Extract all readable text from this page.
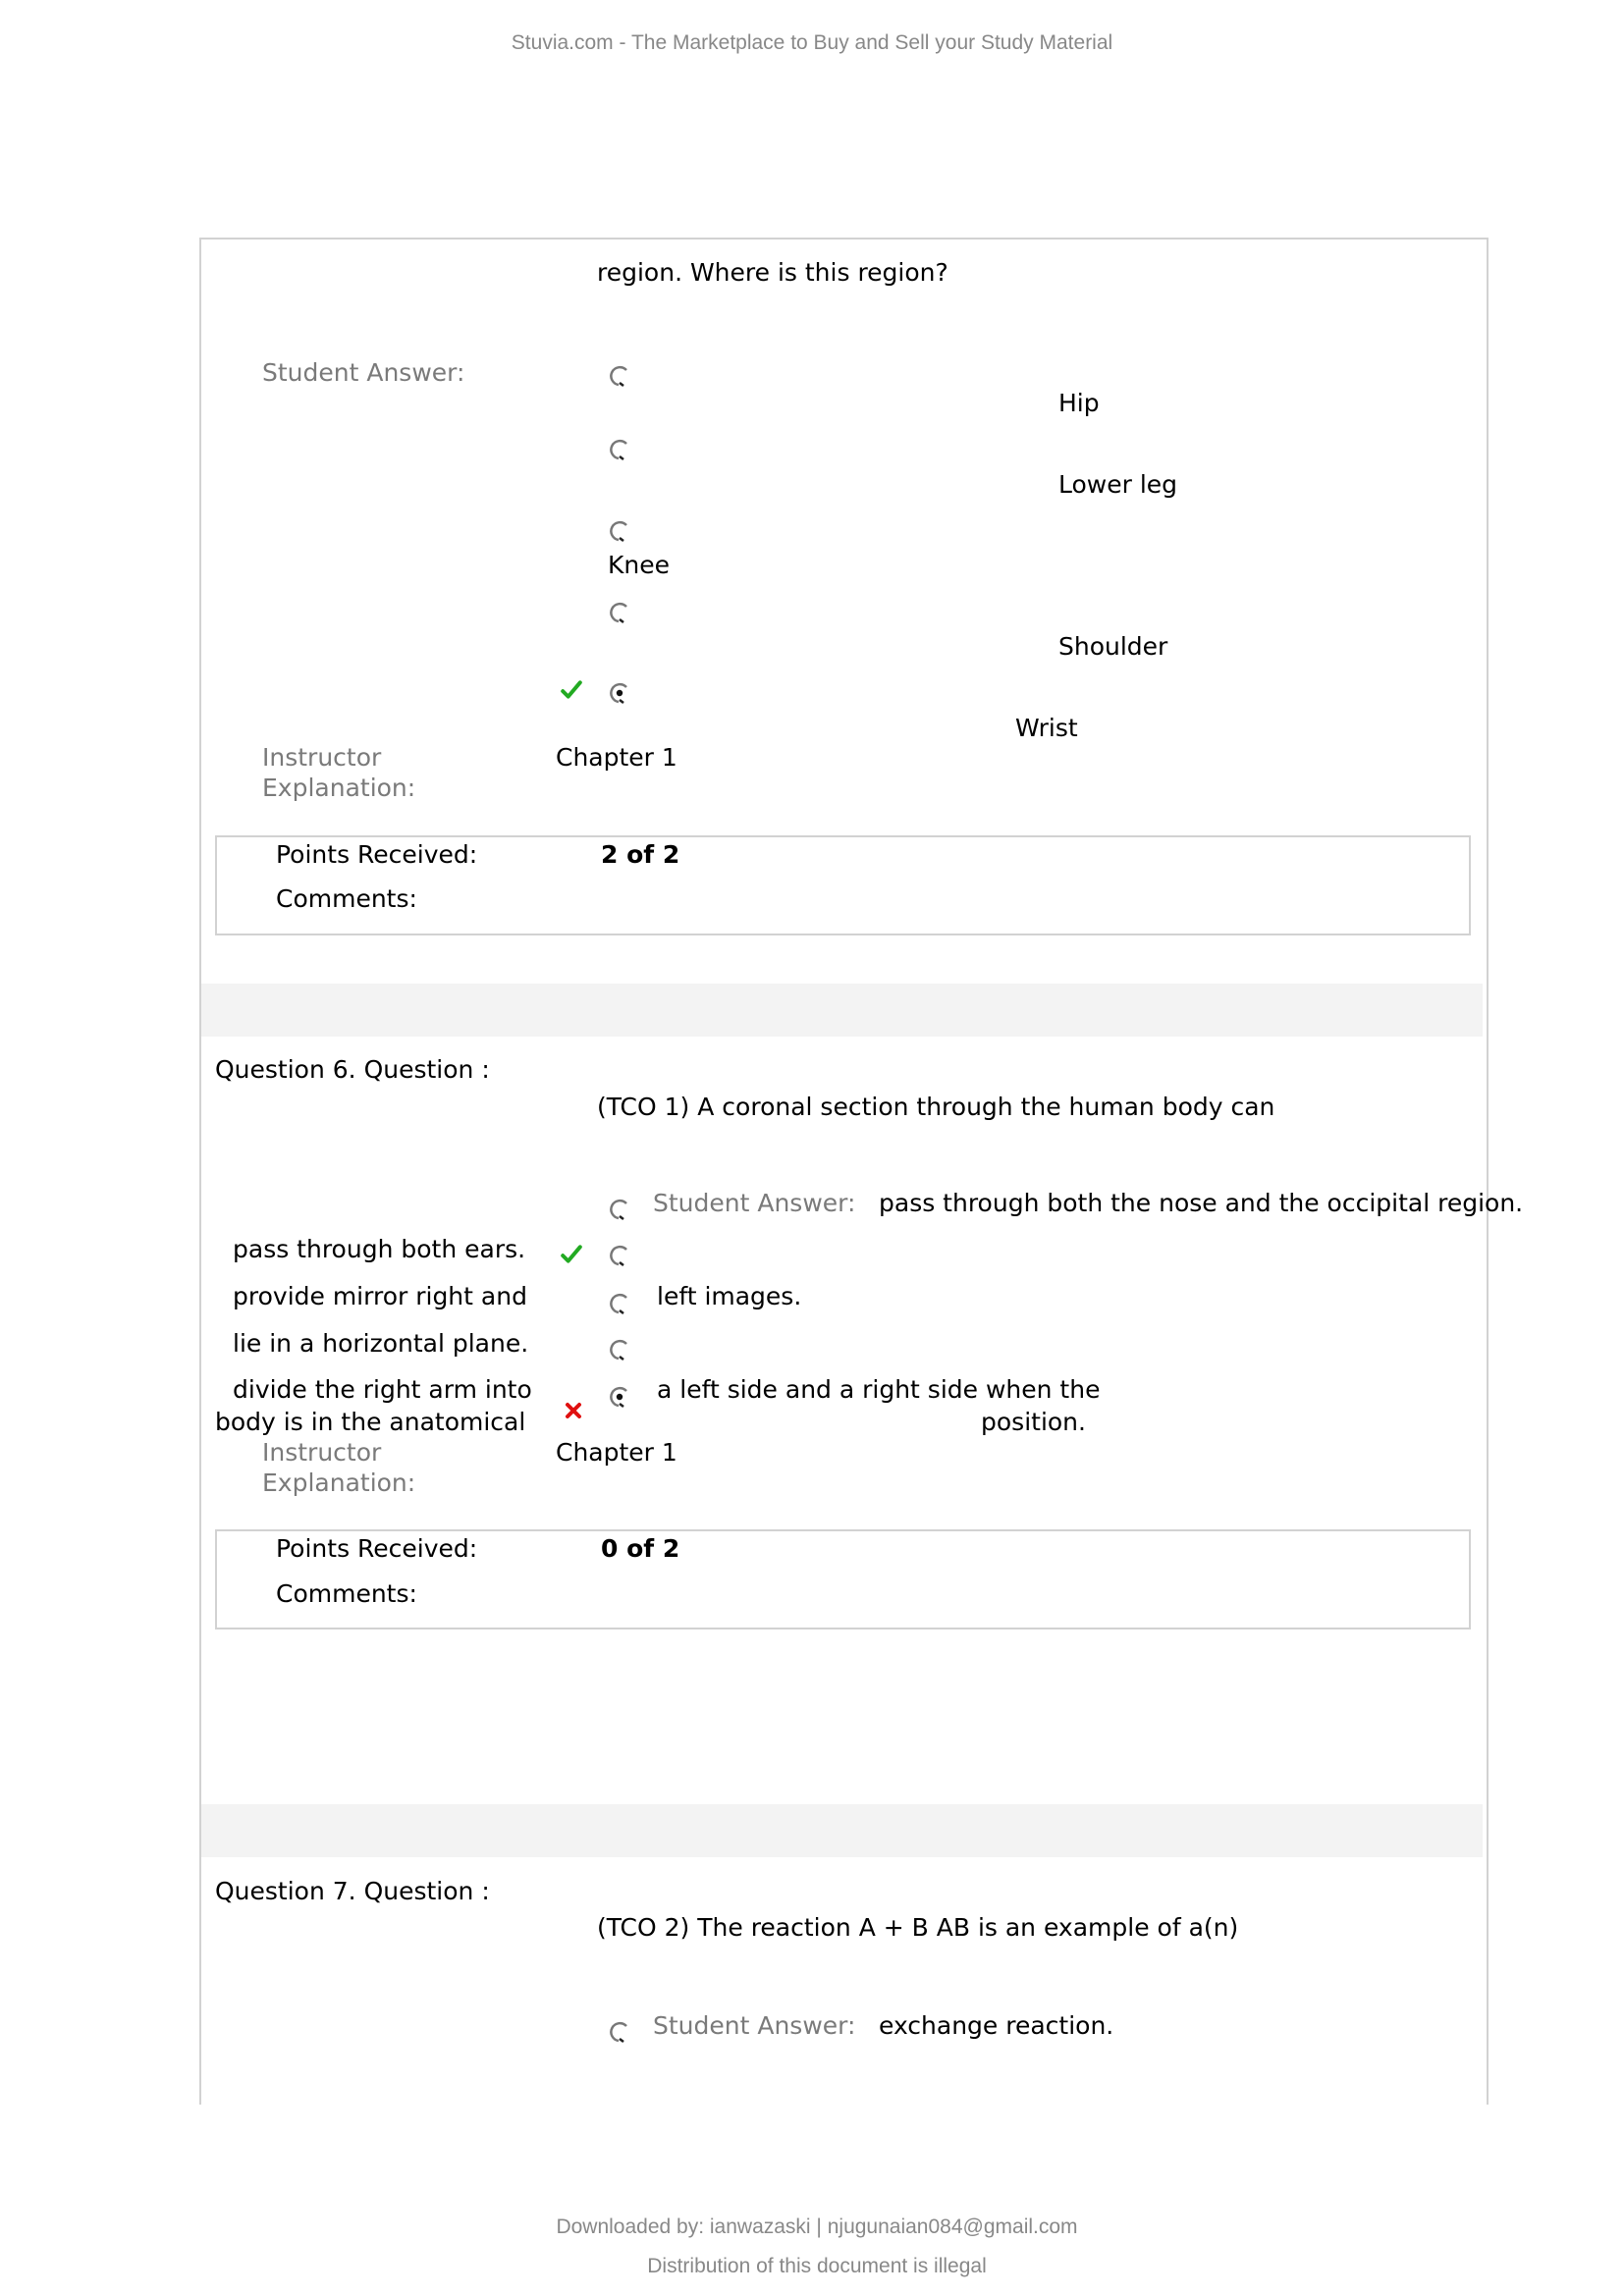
Stuvia.com - The Marketplace to Buy and Sell your Study Material
region. Where is this region?
Student Answer:
Hip
Lower leg
Knee
Shoulder
Wrist
Instructor
Explanation:
Chapter 1
Points Received:	2 of 2
Comments:
Question 6. Question :
(TCO 1) A coronal section through the human body can
Student Answer: pass through both the nose and the occipital region.
pass through both ears.
provide mirror right and	left images.
lie in a horizontal plane.
divide the right arm into	a left side and a right side when the
body is in the anatomical	position.
Instructor
Explanation:
Chapter 1
Points Received:	0 of 2
Comments:
Question 7. Question :
(TCO 2) The reaction A + B AB is an example of a(n)
Student Answer: exchange reaction.
Downloaded by: ianwazaski | njugunaian084@gmail.com
Distribution of this document is illegal
